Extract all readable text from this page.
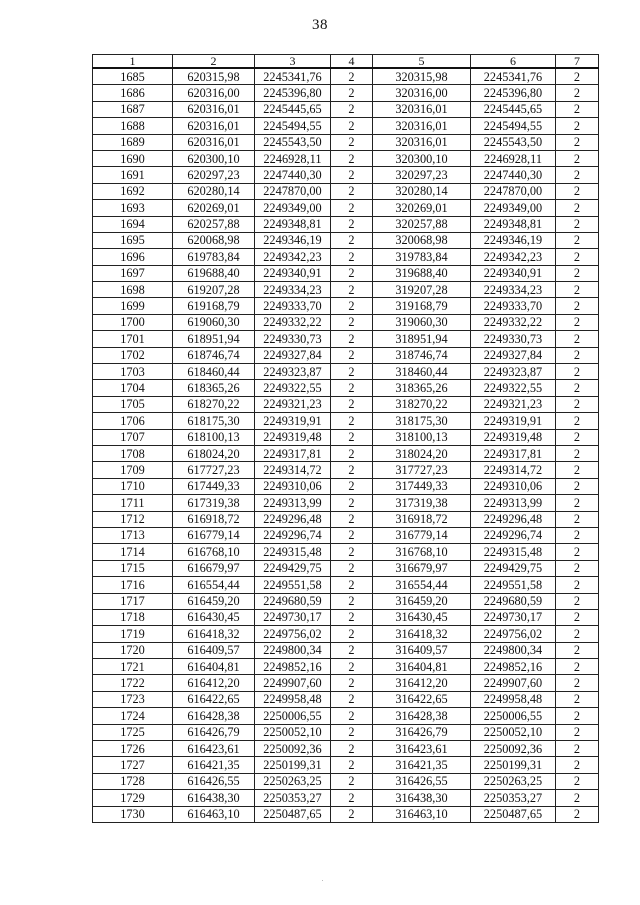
38
1	2	3	4	5	6	7
1685	620315,98	2245341,76	2	320315,98	2245341,76	2
1686	620316,00	2245396,80	2	320316,00	2245396,80	2
1687	620316,01	2245445,65	2	320316,01	2245445,65	2
1688	620316,01	2245494,55	2	320316,01	2245494,55	2
1689	620316,01	2245543,50	2	320316,01	2245543,50	2
1690	620300,10	2246928,11	2	320300,10	2246928,11	2
1691	620297,23	2247440,30	2	320297,23	2247440,30	2
1692	620280,14	2247870,00	2	320280,14	2247870,00	2
1693	620269,01	2249349,00	2	320269,01	2249349,00	2
1694	620257,88	2249348,81	2	320257,88	2249348,81	2
1695	620068,98	2249346,19	2	320068,98	2249346,19	2
1696	619783,84	2249342,23	2	319783,84	2249342,23	2
1697	619688,40	2249340,91	2	319688,40	2249340,91	2
1698	619207,28	2249334,23	2	319207,28	2249334,23	2
1699	619168,79	2249333,70	2	319168,79	2249333,70	2
1700	619060,30	2249332,22	2	319060,30	2249332,22	2
1701	618951,94	2249330,73	2	318951,94	2249330,73	2
1702	618746,74	2249327,84	2	318746,74	2249327,84	2
1703	618460,44	2249323,87	2	318460,44	2249323,87	2
1704	618365,26	2249322,55	2	318365,26	2249322,55	2
1705	618270,22	2249321,23	2	318270,22	2249321,23	2
1706	618175,30	2249319,91	2	318175,30	2249319,91	2
1707	618100,13	2249319,48	2	318100,13	2249319,48	2
1708	618024,20	2249317,81	2	318024,20	2249317,81	2
1709	617727,23	2249314,72	2	317727,23	2249314,72	2
1710	617449,33	2249310,06	2	317449,33	2249310,06	2
1711	617319,38	2249313,99	2	317319,38	2249313,99	2
1712	616918,72	2249296,48	2	316918,72	2249296,48	2
1713	616779,14	2249296,74	2	316779,14	2249296,74	2
1714	616768,10	2249315,48	2	316768,10	2249315,48	2
1715	616679,97	2249429,75	2	316679,97	2249429,75	2
1716	616554,44	2249551,58	2	316554,44	2249551,58	2
1717	616459,20	2249680,59	2	316459,20	2249680,59	2
1718	616430,45	2249730,17	2	316430,45	2249730,17	2
1719	616418,32	2249756,02	2	316418,32	2249756,02	2
1720	616409,57	2249800,34	2	316409,57	2249800,34	2
1721	616404,81	2249852,16	2	316404,81	2249852,16	2
1722	616412,20	2249907,60	2	316412,20	2249907,60	2
1723	616422,65	2249958,48	2	316422,65	2249958,48	2
1724	616428,38	2250006,55	2	316428,38	2250006,55	2
1725	616426,79	2250052,10	2	316426,79	2250052,10	2
1726	616423,61	2250092,36	2	316423,61	2250092,36	2
1727	616421,35	2250199,31	2	316421,35	2250199,31	2
1728	616426,55	2250263,25	2	316426,55	2250263,25	2
1729	616438,30	2250353,27	2	316438,30	2250353,27	2
1730	616463,10	2250487,65	2	316463,10	2250487,65	2
